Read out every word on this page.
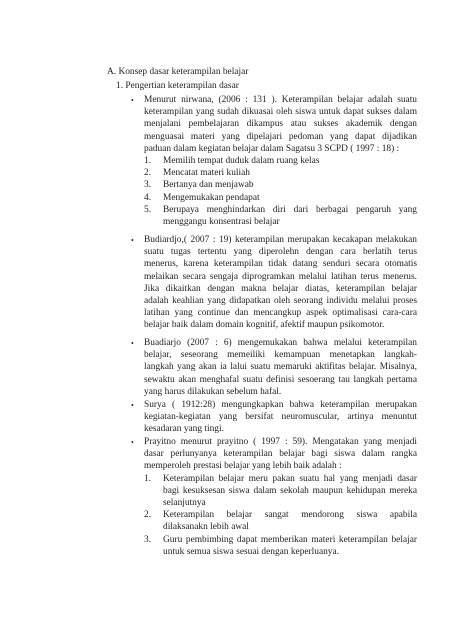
A. Konsep dasar keterampilan belajar
1. Pengertian keterampilan dasar
• Menurut nirwana, (2006 : 131 ). Keterampilan belajar adalah suatu
keterampilan yang sudah dikuasai oleh siswa untuk dapat sukses dalam
menjalani pembelajaran dikampus atau sukses akademik dengan
menguasai materi yang dipelajari pedoman yang dapat dijadikan
paduan dalam kegiatan belajar dalam Sagatsu 3 SCPD ( 1997 : 18) :
1. Memilih tempat duduk dalam ruang kelas
2. Mencatat materi kuliah
3. Bertanya dan menjawab
4. Mengemukakan pendapat
5. Berupaya menghindarkan diri dari berbagai pengaruh yang
menggangu konsentrasi belajar
• Budiardjo,( 2007 : 19) keterampilan merupakan kecakapan melakukan
suatu tugas tertentu yang diperolehn dengan cara berlatih terus
menerus, karena keterampilan tidak datang senduri secara otomatis
melaikan secara sengaja diprogramkan melalui latihan terus menerus.
Jika dikaitkan dengan makna belajar diatas, keterampilan belajar
adalah keahlian yang didapatkan oleh seorang individu melalui proses
latihan yang continue dan mencangkup aspek optimalisasi cara-cara
belajar baik dalam domain kognitif, afektif maupun psikomotor.
• Buadiarjo (2007 : 6) mengemukakan bahwa melalui keterampilan
belajar, seseorang memeiliki kemampuan menetapkan langkah-
langkah yang akan ia lalui suatu memaruki aktifitas belajar. Misalnya,
sewaktu akan menghafal suatu definisi sesoerang tau langkah pertama
yang harus dilakukan sebelum hafal.
• Surya ( 1912:28) mengungkapkan bahwa keterampilan merupakan
kegiatan-kegiatan yang bersifat neuromuscular, artinya menuntut
kesadaran yang tingi.
• Prayitno menurut prayitno ( 1997 : 59). Mengatakan yang menjadi
dasar perlunyanya keterampilan belajar bagi siswa dalam rangka
memperoleh prestasi belajar yang lebih baik adalah :
1. Keterampilan belajar meru pakan suatu hal yang menjadi dasar
bagi kesuksesan siswa dalam sekolah maupun kehidupan mereka
selanjutnya
2. Keterampilan belajar sangat mendorong siswa apabila
dilaksanakn lebih awal
3. Guru pembimbing dapat memberikan materi keterampilan belajar
untuk semua siswa sesuai dengan keperluanya.
